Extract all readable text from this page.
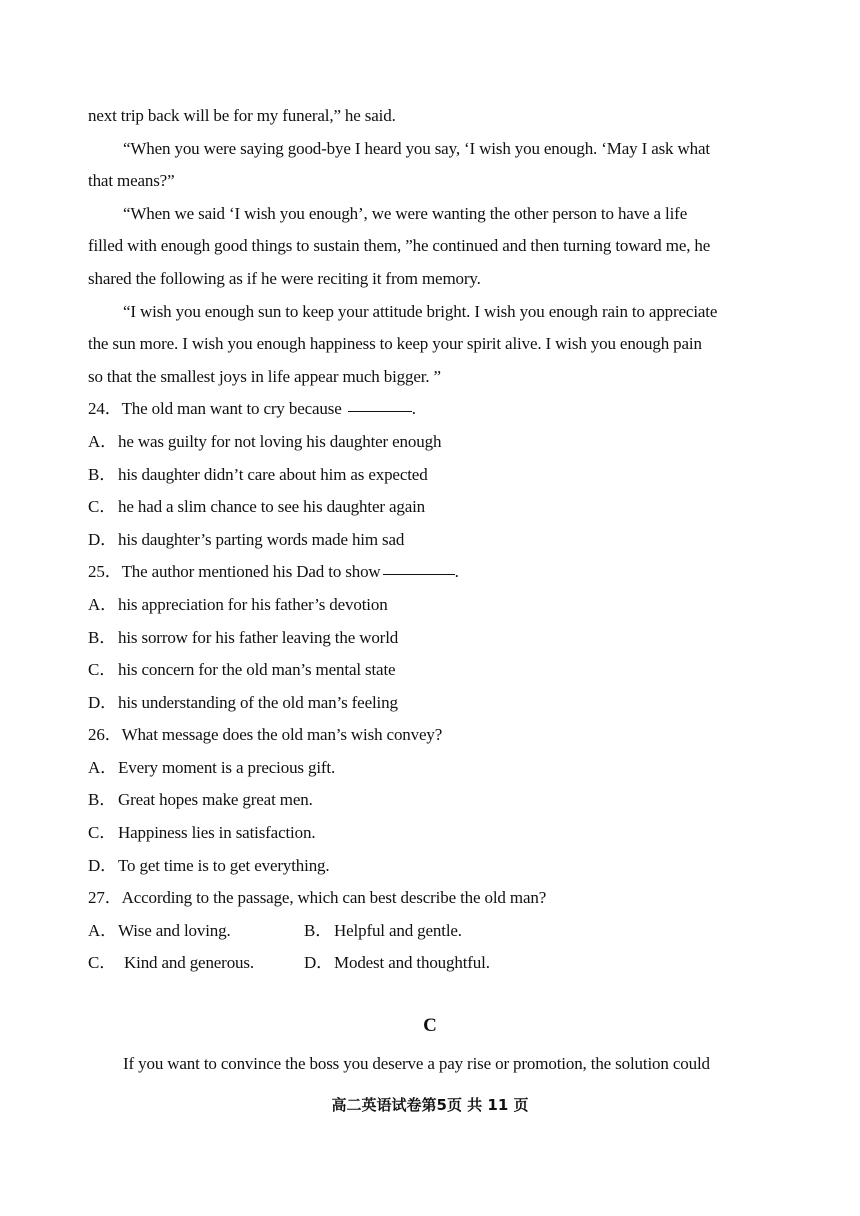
next trip back will be for my funeral,” he said.
“When you were saying good-bye I heard you say, ‘I wish you enough. ‘May I ask what
that means?”
“When we said ‘I wish you enough’, we were wanting the other person to have a life
filled with enough good things to sustain them, ”he continued and then turning toward me, he
shared the following as if he were reciting it from memory.
“I wish you enough sun to keep your attitude bright. I wish you enough rain to appreciate
the sun more. I wish you enough happiness to keep your spirit alive. I wish you enough pain
so that the smallest joys in life appear much bigger. ”
24．The old man want to cry because	.
A．he was guilty for not loving his daughter enough
B． his daughter didn’t care about him as expected
C． he had a slim chance to see his daughter again
D．his daughter’s parting words made him sad
25．The author mentioned his Dad to show	.
A．his appreciation for his father’s devotion
B． his sorrow for his father leaving the world
C． his concern for the old man’s mental state
D．his understanding of the old man’s feeling
26．What message does the old man’s wish convey?
A．Every moment is a precious gift.
B． Great hopes make great men.
C． Happiness lies in satisfaction.
D．To get time is to get everything.
27．According to the passage, which can best describe the old man?
A．Wise and loving.	B． Helpful and gentle.
C． Kind and generous.	D．Modest and thoughtful.
C
If you want to convince the boss you deserve a pay rise or promotion, the solution could
高二英语试卷第5页 共 11 页
